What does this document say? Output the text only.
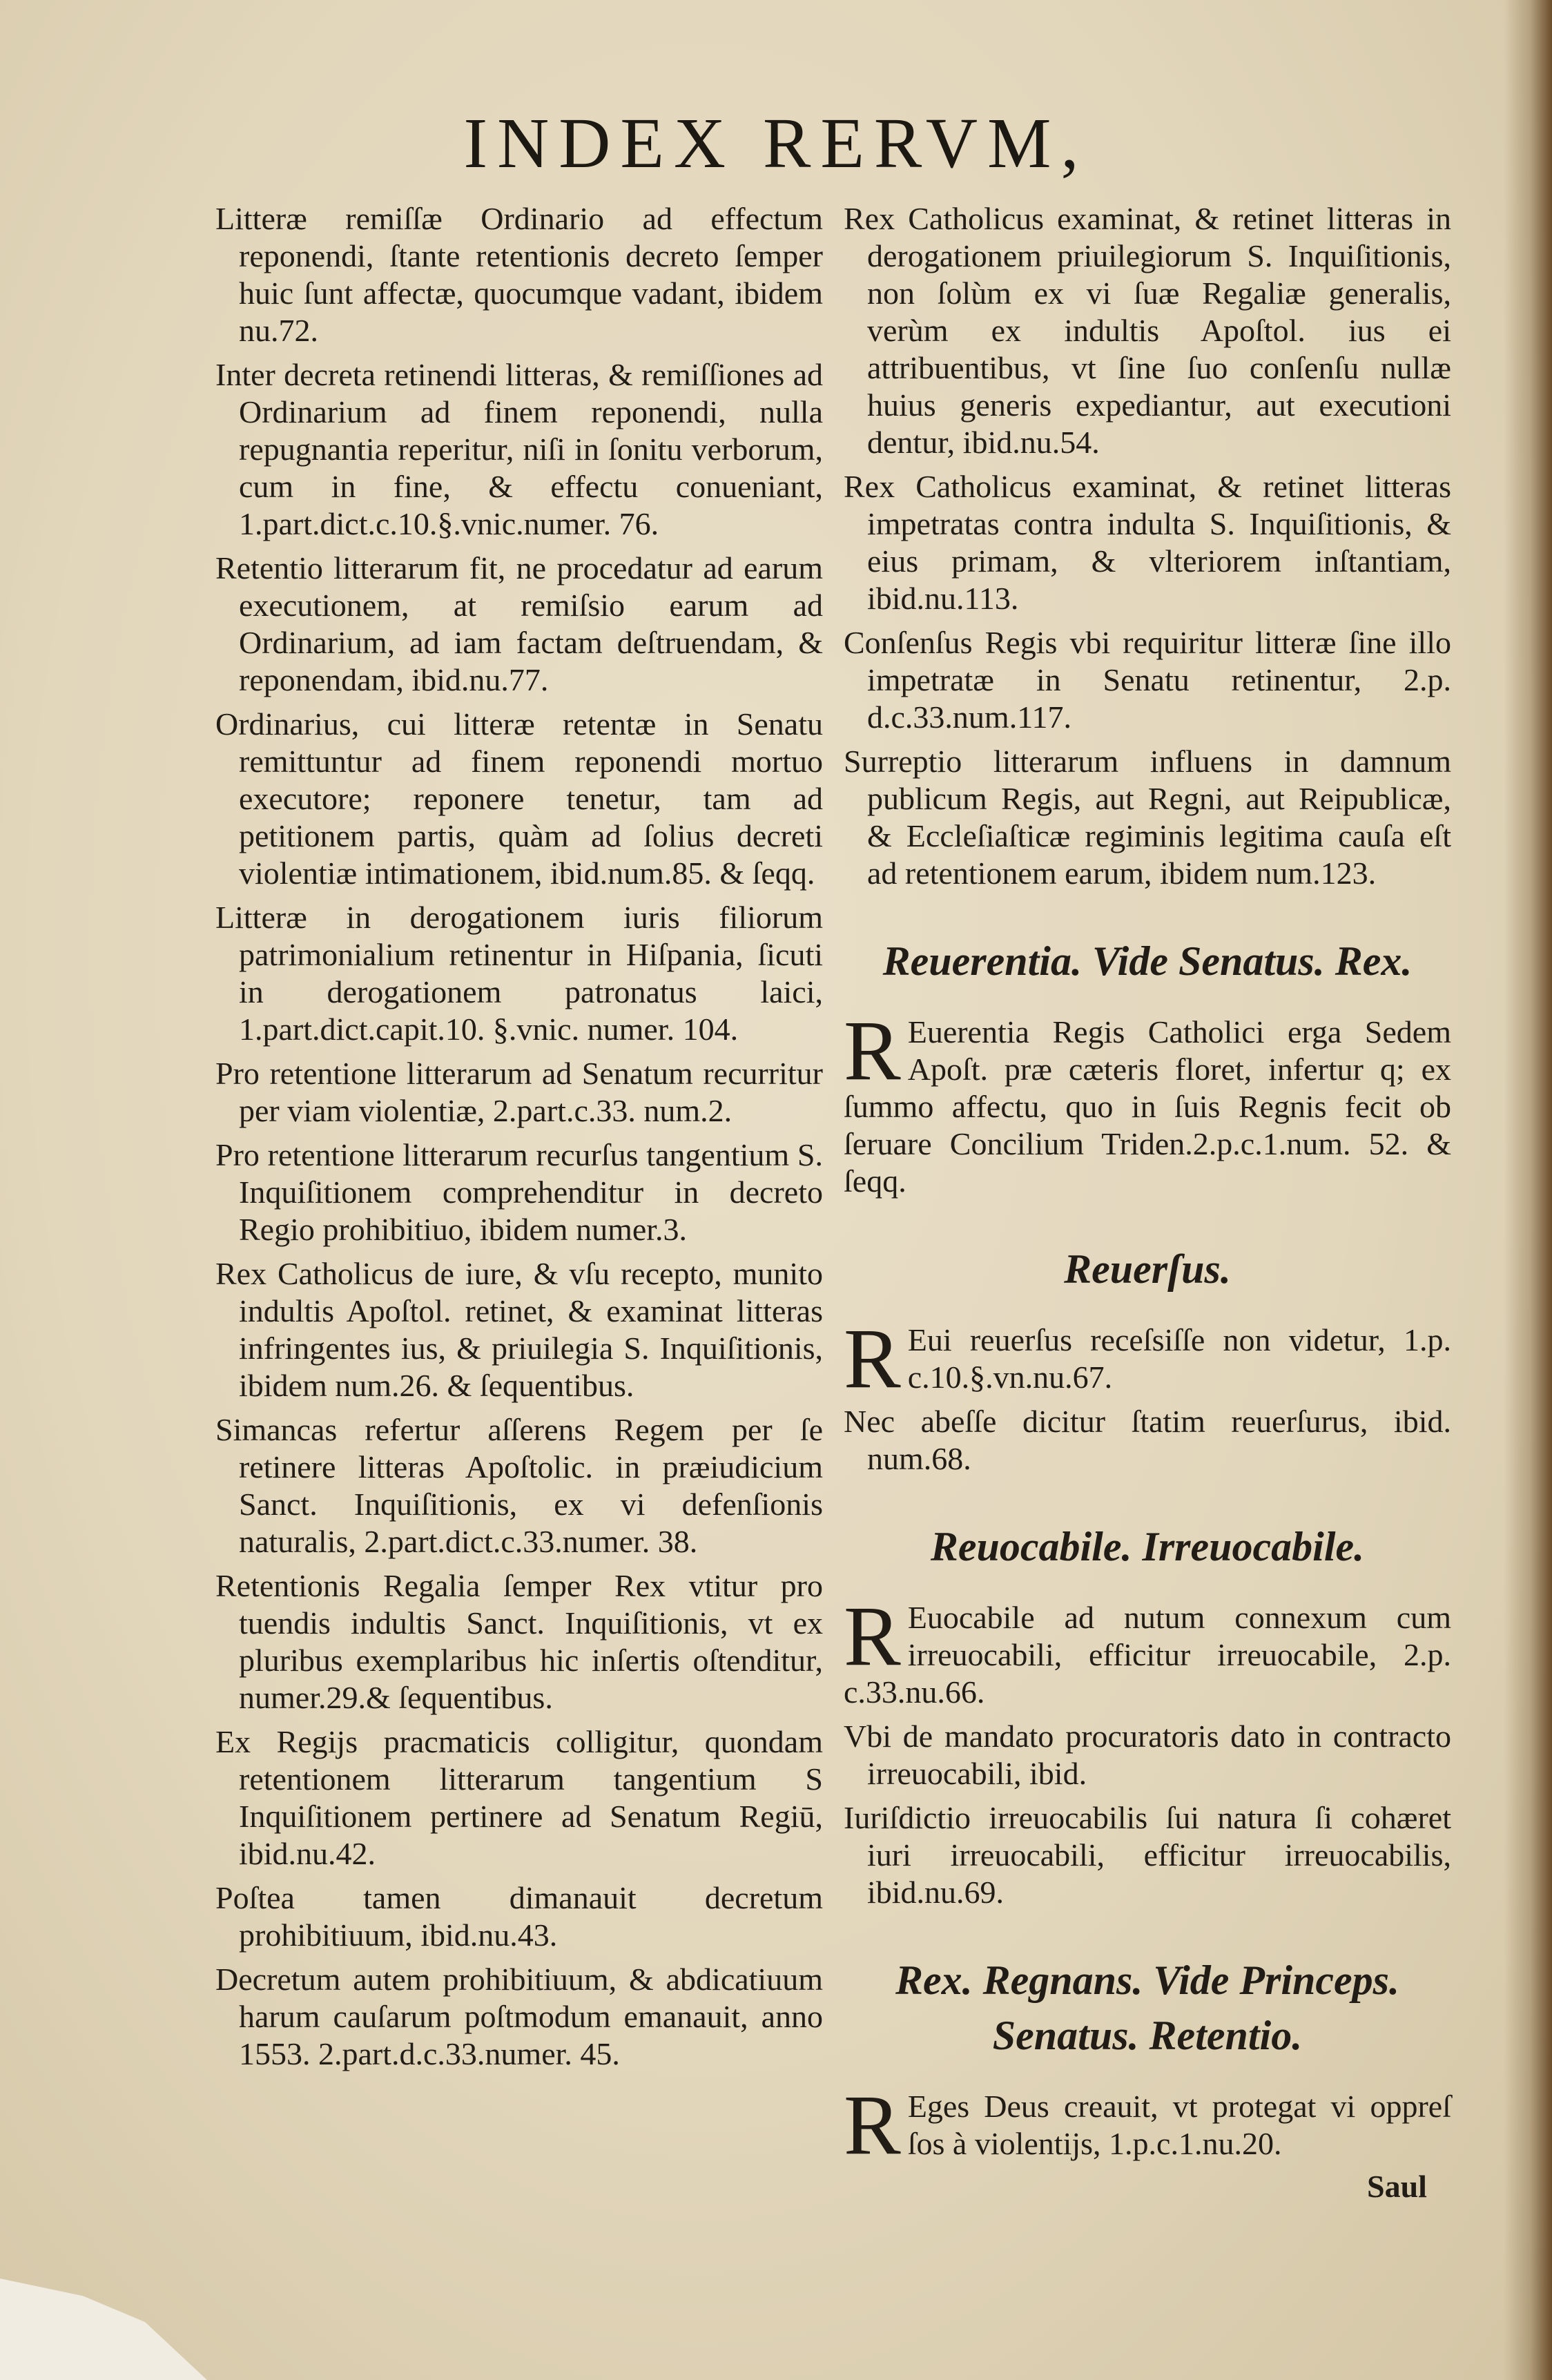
INDEX RERVM,

Litteræ remiſſæ Ordinario ad effectum reponendi, ſtante retentionis decreto ſemper huic ſunt affectæ, quocumque vadant, ibidem nu.72.

Inter decreta retinendi litteras, & remiſſiones ad Ordinarium ad finem reponendi, nulla repugnantia reperitur, niſi in ſonitu verborum, cum in fine, & effectu conueniant, 1.part.dict.c.10.§.vnic.numer. 76.

Retentio litterarum fit, ne procedatur ad earum executionem, at remiſsio earum ad Ordinarium, ad iam factam deſtruendam, & reponendam, ibid.nu.77.

Ordinarius, cui litteræ retentæ in Senatu remittuntur ad finem reponendi mortuo executore; reponere tenetur, tam ad petitionem partis, quàm ad ſolius decreti violentiæ intimationem, ibid.num.85. & ſeqq.

Litteræ in derogationem iuris filiorum patrimonialium retinentur in Hiſpania, ſicuti in derogationem patronatus laici, 1.part.dict.capit.10. §.vnic. numer. 104.

Pro retentione litterarum ad Senatum recurritur per viam violentiæ, 2.part.c.33. num.2.

Pro retentione litterarum recurſus tangentium S. Inquiſitionem comprehenditur in decreto Regio prohibitiuo, ibidem numer.3.

Rex Catholicus de iure, & vſu recepto, munito indultis Apoſtol. retinet, & examinat litteras infringentes ius, & priuilegia S. Inquiſitionis, ibidem num.26. & ſequentibus.

Simancas refertur aſſerens Regem per ſe retinere litteras Apoſtolic. in præiudicium Sanct. Inquiſitionis, ex vi defenſionis naturalis, 2.part.dict.c.33.numer. 38.

Retentionis Regalia ſemper Rex vtitur pro tuendis indultis Sanct. Inquiſitionis, vt ex pluribus exemplaribus hic inſertis oſtenditur, numer.29.& ſequentibus.

Ex Regijs pracmaticis colligitur, quondam retentionem litterarum tangentium S Inquiſitionem pertinere ad Senatum Regiū, ibid.nu.42.

Poſtea tamen dimanauit decretum prohibitiuum, ibid.nu.43.

Decretum autem prohibitiuum, & abdicatiuum harum cauſarum poſtmodum emanauit, anno 1553. 2.part.d.c.33.numer. 45.

Rex Catholicus examinat, & retinet litteras in derogationem priuilegiorum S. Inquiſitionis, non ſolùm ex vi ſuæ Regaliæ generalis, verùm ex indultis Apoſtol. ius ei attribuentibus, vt ſine ſuo conſenſu nullæ huius generis expediantur, aut executioni dentur, ibid.nu.54.

Rex Catholicus examinat, & retinet litteras impetratas contra indulta S. Inquiſitionis, & eius primam, & vlteriorem inſtantiam, ibid.nu.113.

Conſenſus Regis vbi requiritur litteræ ſine illo impetratæ in Senatu retinentur, 2.p. d.c.33.num.117.

Surreptio litterarum influens in damnum publicum Regis, aut Regni, aut Reipublicæ, & Eccleſiaſticæ regiminis legitima cauſa eſt ad retentionem earum, ibidem num.123.

Reuerentia. Vide Senatus. Rex.

R Euerentia Regis Catholici erga Sedem Apoſt. præ cæteris floret, infertur q; ex ſummo affectu, quo in ſuis Regnis fecit ob ſeruare Concilium Triden.2.p.c.1.num. 52. & ſeqq.

Reuerſus.

R Eui reuerſus receſsiſſe non videtur, 1.p. c.10.§.vn.nu.67.

Nec abeſſe dicitur ſtatim reuerſurus, ibid. num.68.

Reuocabile. Irreuocabile.

R Euocabile ad nutum connexum cum irreuocabili, efficitur irreuocabile, 2.p. c.33.nu.66.

Vbi de mandato procuratoris dato in contracto irreuocabili, ibid.

Iuriſdictio irreuocabilis ſui natura ſi cohæret iuri irreuocabili, efficitur irreuocabilis, ibid.nu.69.

Rex. Regnans. Vide Princeps. Senatus. Retentio.

R Eges Deus creauit, vt protegat vi oppreſ ſos à violentijs, 1.p.c.1.nu.20.

Saul
